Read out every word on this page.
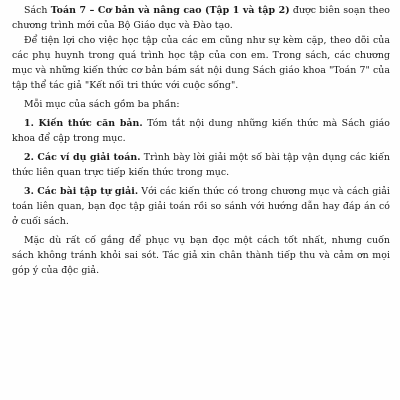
Sách Toán 7 – Cơ bản và nâng cao (Tập 1 và tập 2) được biên soạn theo chương trình mới của Bộ Giáo dục và Đào tạo.

Để tiện lợi cho việc học tập của các em cũng như sự kèm cặp, theo dõi của các phụ huynh trong quá trình học tập của con em. Trong sách, các chương mục và những kiến thức cơ bản bám sát nội dung Sách giáo khoa "Toán 7" của tập thể tác giả "Kết nối tri thức với cuộc sống".

Mỗi mục của sách gồm ba phần:

1. Kiến thức căn bản. Tóm tắt nội dung những kiến thức mà Sách giáo khoa để cập trong mục.

2. Các ví dụ giải toán. Trình bày lời giải một số bài tập vận dụng các kiến thức liên quan trực tiếp kiến thức trong mục.

3. Các bài tập tự giải. Với các kiến thức có trong chương mục và cách giải toán liên quan, bạn đọc tập giải toán rồi so sánh với hướng dẫn hay đáp án có ở cuối sách.

Mặc dù rất cố gắng để phục vụ bạn đọc một cách tốt nhất, nhưng cuốn sách không tránh khỏi sai sót. Tác giả xin chân thành tiếp thu và cảm ơn mọi góp ý của độc giả.
